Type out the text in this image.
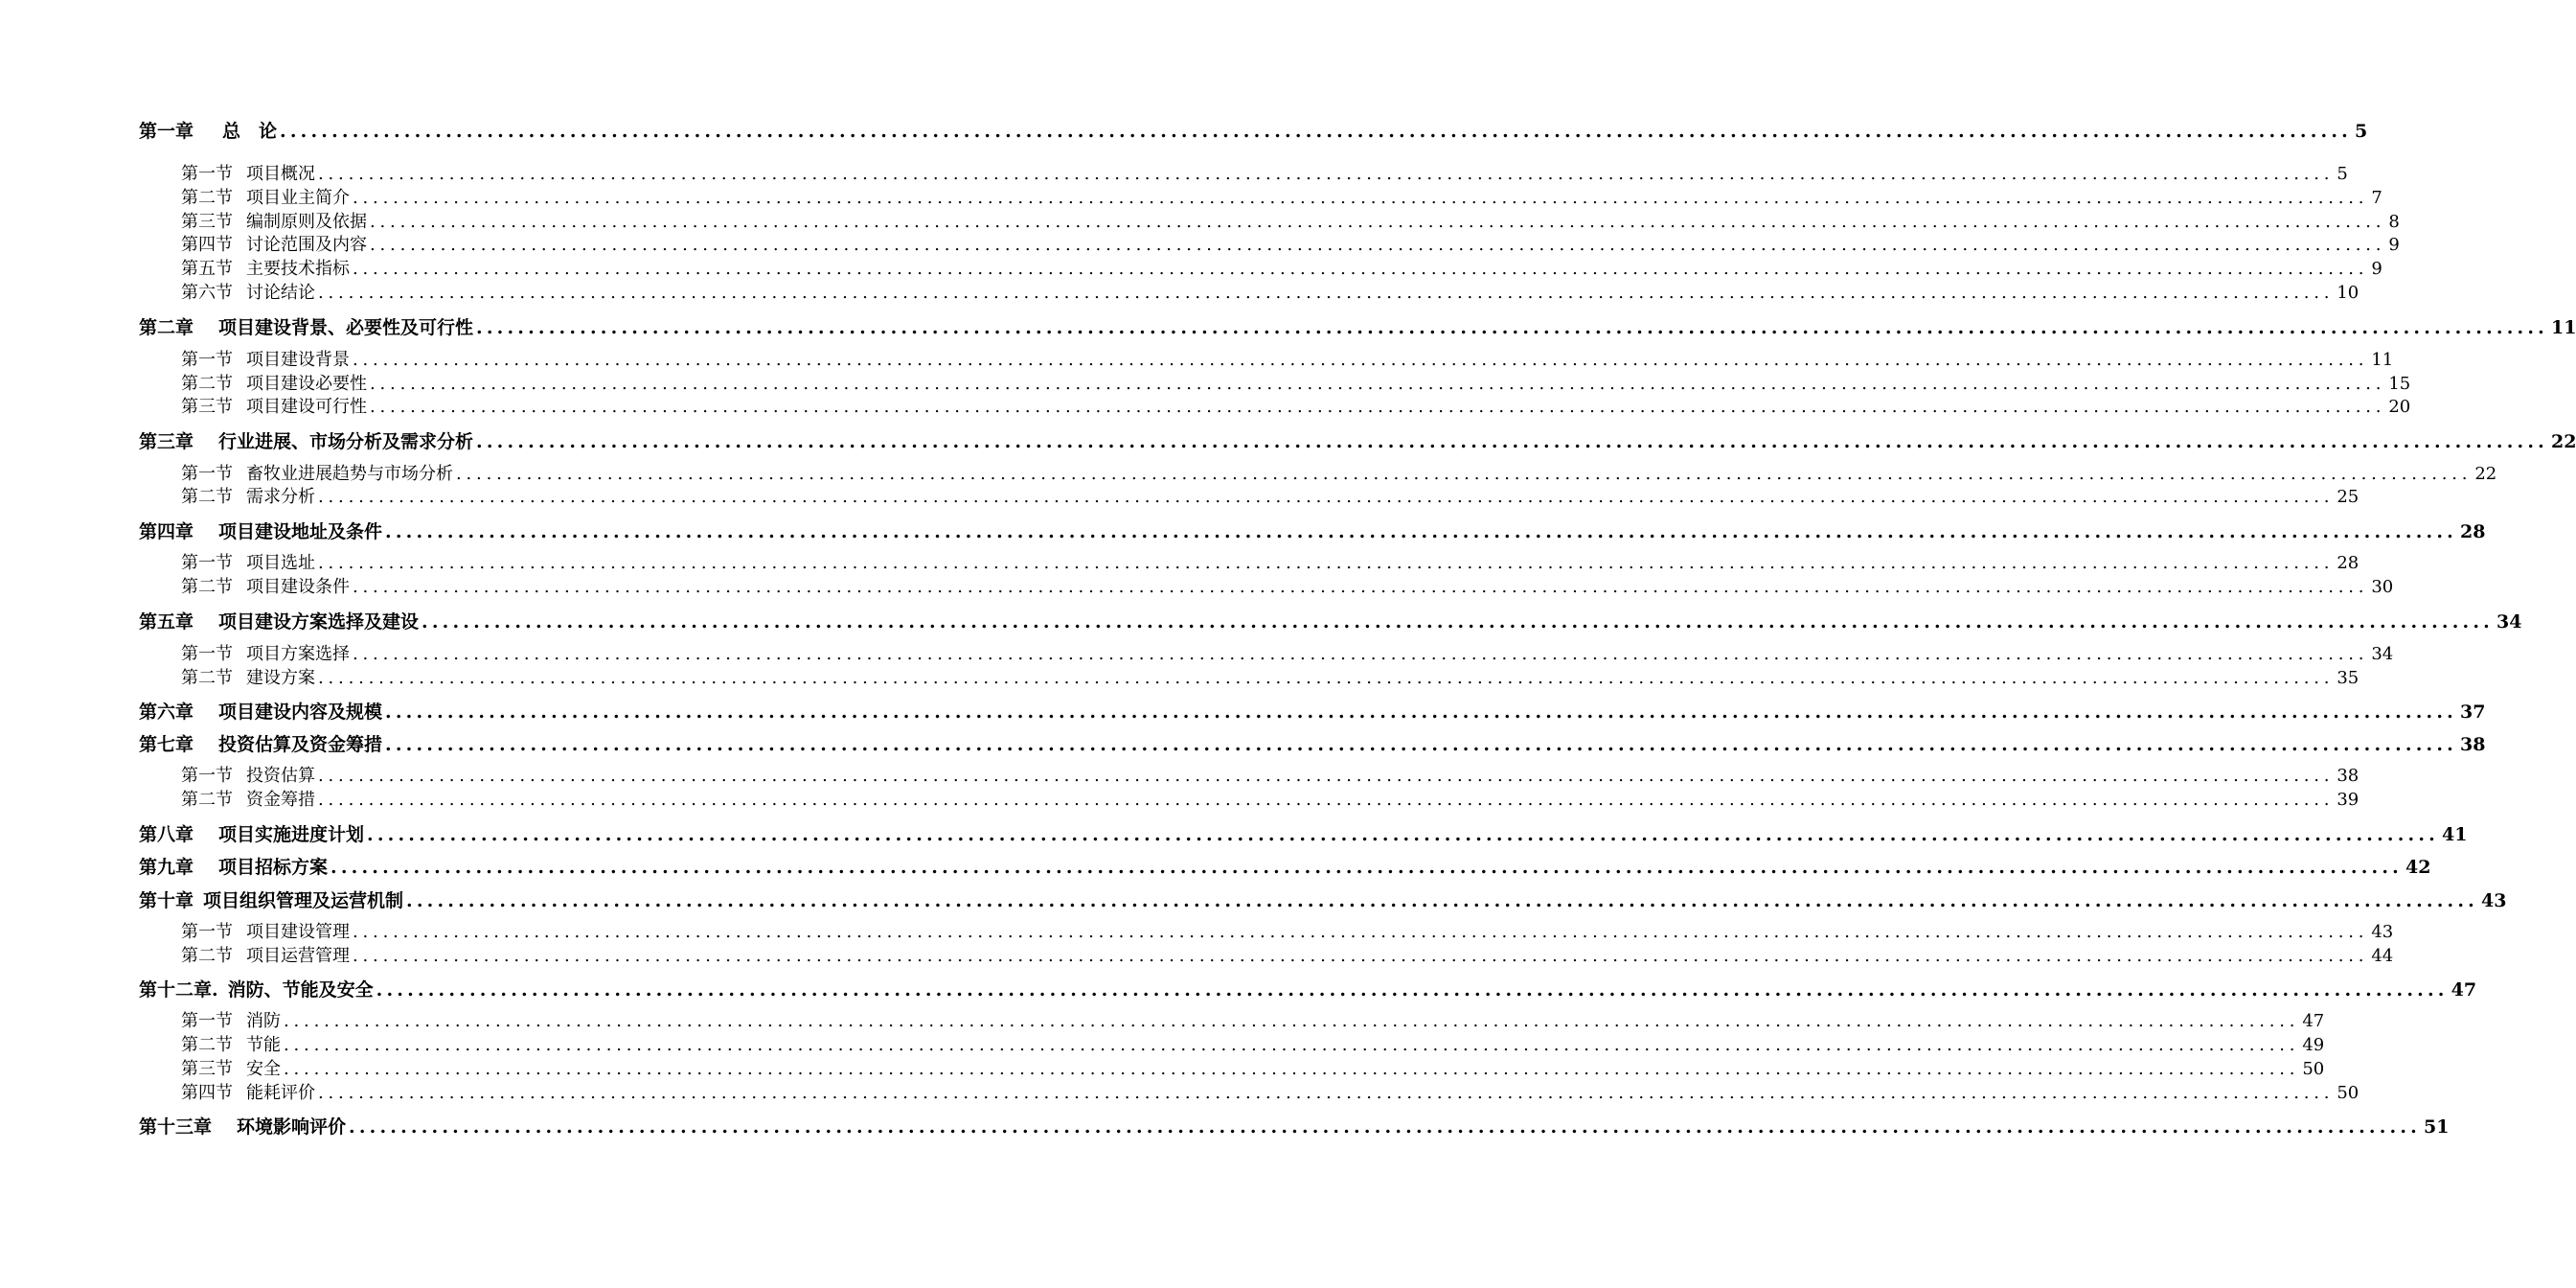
第一章 总　论 ........................................................................................................................................................................................................ 5
第一节 项目概况 ........................................................................................................................................................................................................ 5
第二节 项目业主简介 ........................................................................................................................................................................................................ 7
第三节 编制原则及依据 ........................................................................................................................................................................................................ 8
第四节 讨论范围及内容 ........................................................................................................................................................................................................ 9
第五节 主要技术指标 ........................................................................................................................................................................................................ 9
第六节 讨论结论 ........................................................................................................................................................................................................ 10
第二章 项目建设背景、必要性及可行性 ........................................................................................................................................................................................................ 11
第一节 项目建设背景 ........................................................................................................................................................................................................ 11
第二节 项目建设必要性 ........................................................................................................................................................................................................ 15
第三节 项目建设可行性 ........................................................................................................................................................................................................ 20
第三章 行业进展、市场分析及需求分析 ........................................................................................................................................................................................................ 22
第一节 畜牧业进展趋势与市场分析 ........................................................................................................................................................................................................ 22
第二节 需求分析 ........................................................................................................................................................................................................ 25
第四章 项目建设地址及条件 ........................................................................................................................................................................................................ 28
第一节 项目选址 ........................................................................................................................................................................................................ 28
第二节 项目建设条件 ........................................................................................................................................................................................................ 30
第五章 项目建设方案选择及建设 ........................................................................................................................................................................................................ 34
第一节 项目方案选择 ........................................................................................................................................................................................................ 34
第二节 建设方案 ........................................................................................................................................................................................................ 35
第六章 项目建设内容及规模 ........................................................................................................................................................................................................ 37
第七章 投资估算及资金筹措 ........................................................................................................................................................................................................ 38
第一节 投资估算 ........................................................................................................................................................................................................ 38
第二节 资金筹措 ........................................................................................................................................................................................................ 39
第八章 项目实施进度计划 ........................................................................................................................................................................................................ 41
第九章 项目招标方案 ........................................................................................................................................................................................................ 42
第十章 项目组织管理及运营机制 ........................................................................................................................................................................................................ 43
第一节 项目建设管理 ........................................................................................................................................................................................................ 43
第二节 项目运营管理 ........................................................................................................................................................................................................ 44
第十二章. 消防、节能及安全 ........................................................................................................................................................................................................ 47
第一节 消防 ........................................................................................................................................................................................................ 47
第二节 节能 ........................................................................................................................................................................................................ 49
第三节 安全 ........................................................................................................................................................................................................ 50
第四节 能耗评价 ........................................................................................................................................................................................................ 50
第十三章 环境影响评价 ........................................................................................................................................................................................................ 51
